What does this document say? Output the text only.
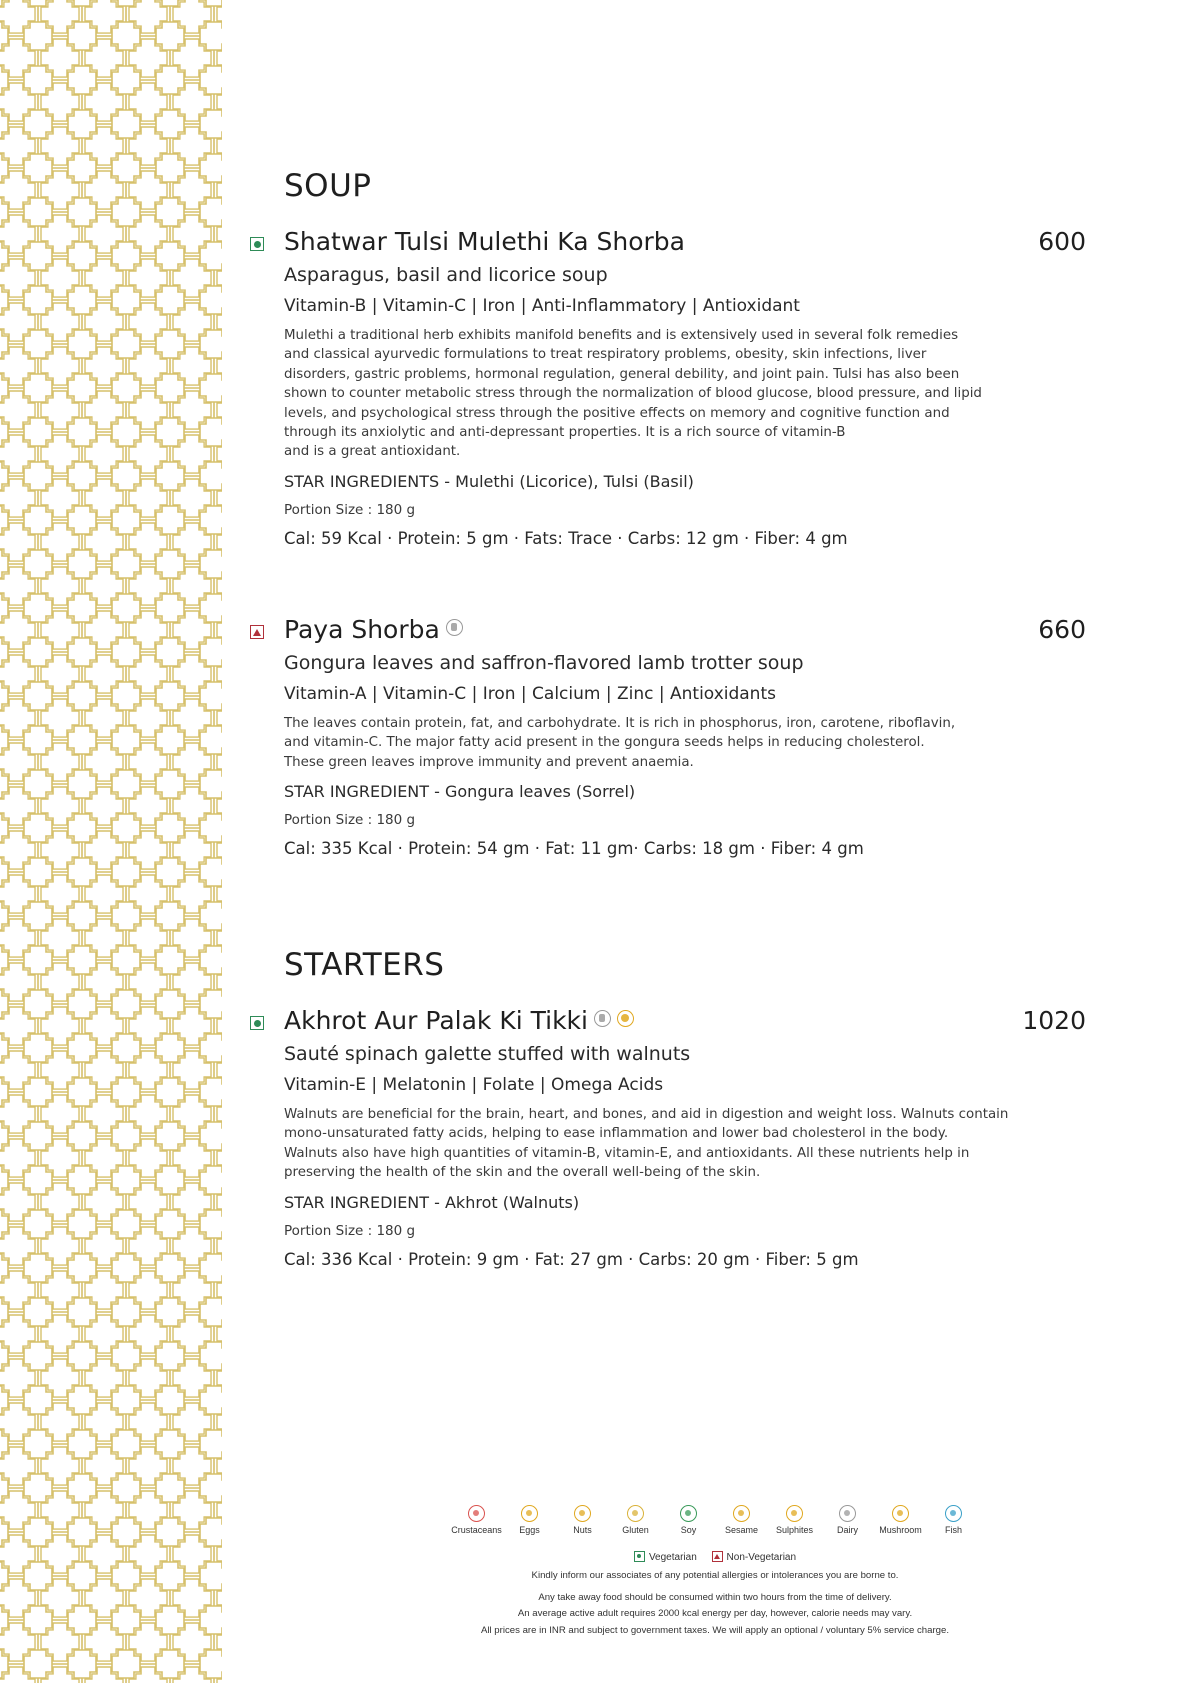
SOUP
Shatwar Tulsi Mulethi Ka Shorba	600

Asparagus, basil and licorice soup

Vitamin-B | Vitamin-C | Iron | Anti-Inflammatory | Antioxidant

Mulethi a traditional herb exhibits manifold benefits and is extensively used in several folk remedies
and classical ayurvedic formulations to treat respiratory problems, obesity, skin infections, liver
disorders, gastric problems, hormonal regulation, general debility, and joint pain. Tulsi has also been
shown to counter metabolic stress through the normalization of blood glucose, blood pressure, and lipid
levels, and psychological stress through the positive effects on memory and cognitive function and
through its anxiolytic and anti-depressant properties. It is a rich source of vitamin-B
and is a great antioxidant.

STAR INGREDIENTS - Mulethi (Licorice), Tulsi (Basil)

Portion Size : 180 g

Cal: 59 Kcal · Protein: 5 gm · Fats: Trace · Carbs: 12 gm · Fiber: 4 gm

Paya Shorba	660

Gongura leaves and saffron-flavored lamb trotter soup

Vitamin-A | Vitamin-C | Iron | Calcium | Zinc | Antioxidants

The leaves contain protein, fat, and carbohydrate. It is rich in phosphorus, iron, carotene, riboflavin,
and vitamin-C. The major fatty acid present in the gongura seeds helps in reducing cholesterol.
These green leaves improve immunity and prevent anaemia.

STAR INGREDIENT - Gongura leaves (Sorrel)

Portion Size : 180 g

Cal: 335 Kcal · Protein: 54 gm · Fat: 11 gm· Carbs: 18 gm · Fiber: 4 gm

STARTERS
Akhrot Aur Palak Ki Tikki	1020

Sauté spinach galette stuffed with walnuts

Vitamin-E | Melatonin | Folate | Omega Acids

Walnuts are beneficial for the brain, heart, and bones, and aid in digestion and weight loss. Walnuts contain
mono-unsaturated fatty acids, helping to ease inflammation and lower bad cholesterol in the body.
Walnuts also have high quantities of vitamin-B, vitamin-E, and antioxidants. All these nutrients help in
preserving the health of the skin and the overall well-being of the skin.

STAR INGREDIENT - Akhrot (Walnuts)

Portion Size : 180 g

Cal: 336 Kcal · Protein: 9 gm · Fat: 27 gm · Carbs: 20 gm · Fiber: 5 gm

Crustaceans	Eggs	Nuts	Gluten	Soy	Sesame	Sulphites	Dairy	Mushroom	Fish
Vegetarian	Non-Vegetarian

Kindly inform our associates of any potential allergies or intolerances you are borne to.

Any take away food should be consumed within two hours from the time of delivery.

An average active adult requires 2000 kcal energy per day, however, calorie needs may vary.

All prices are in INR and subject to government taxes. We will apply an optional / voluntary 5% service charge.
